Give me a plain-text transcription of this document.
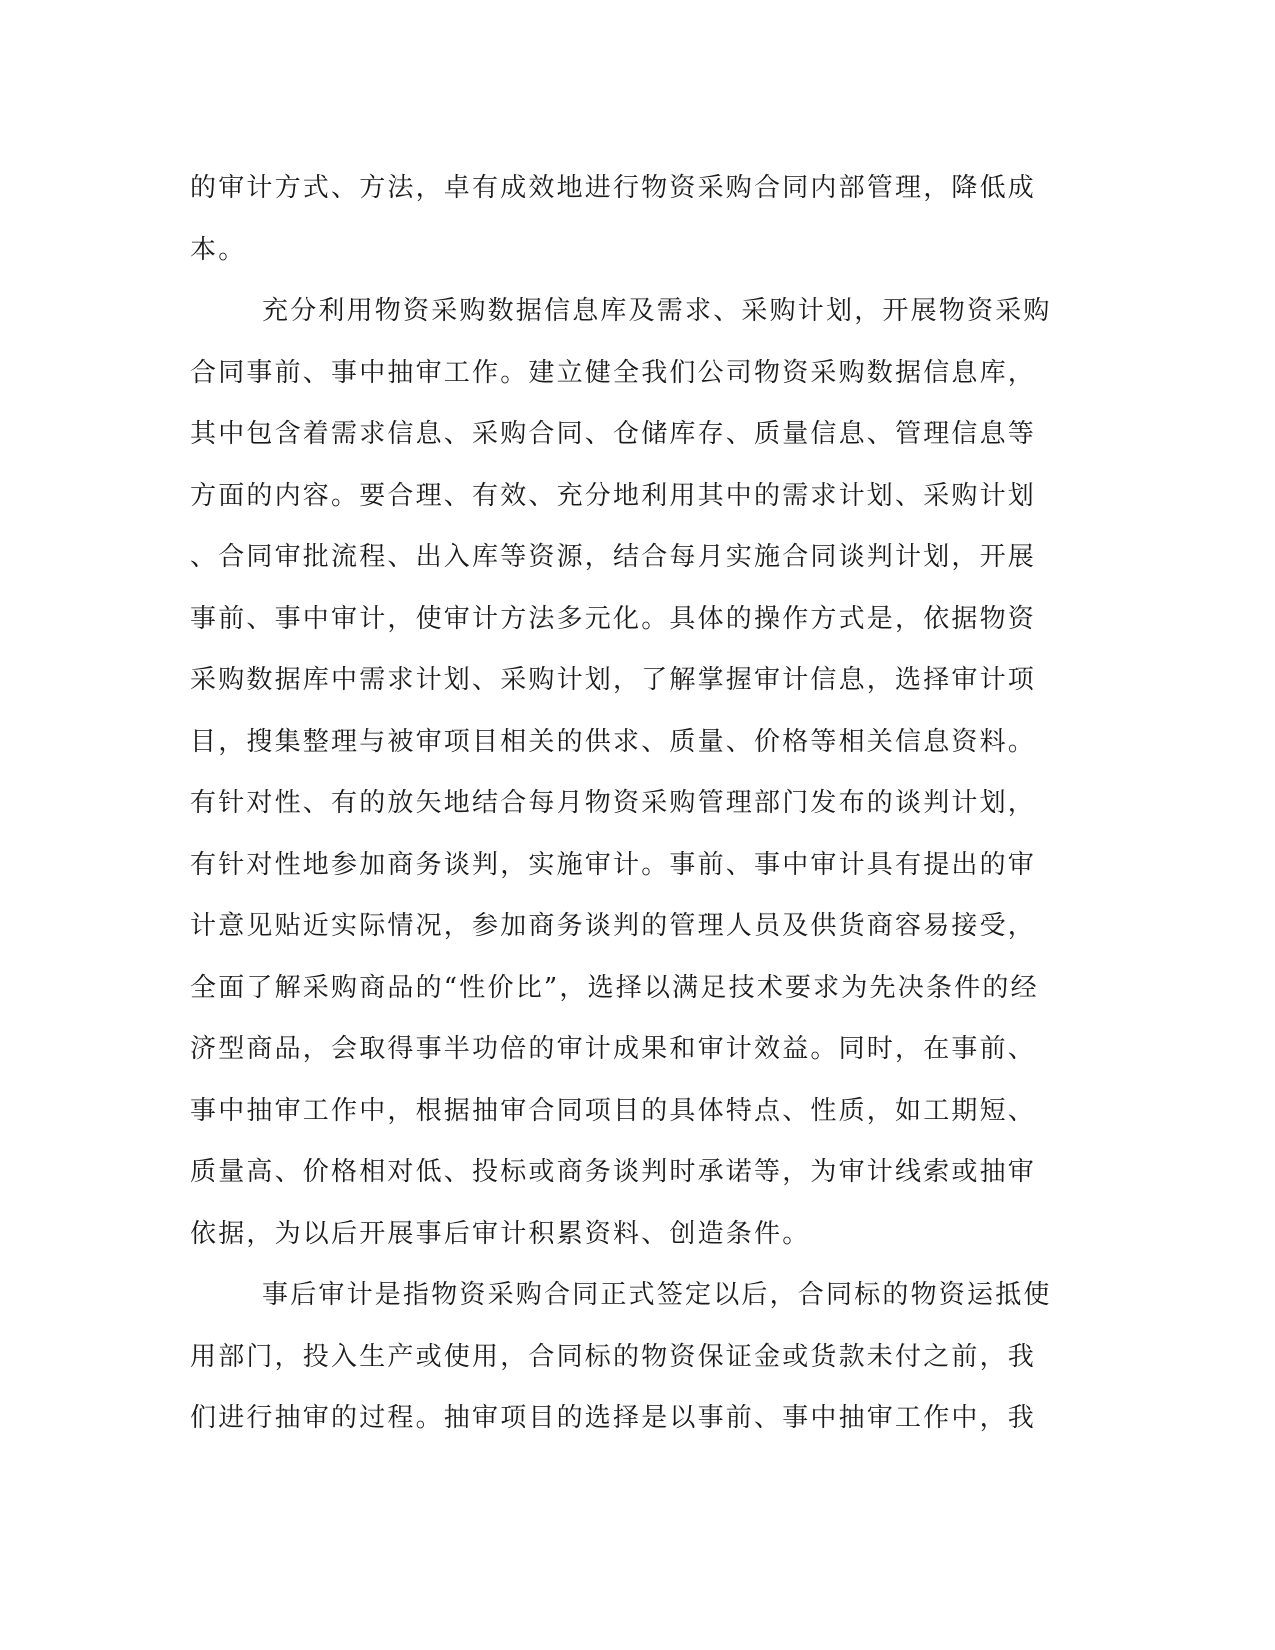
的审计方式、方法，卓有成效地进行物资采购合同内部管理，降低成
本。
充分利用物资采购数据信息库及需求、采购计划，开展物资采购
合同事前、事中抽审工作。建立健全我们公司物资采购数据信息库，
其中包含着需求信息、采购合同、仓储库存、质量信息、管理信息等
方面的内容。要合理、有效、充分地利用其中的需求计划、采购计划
、合同审批流程、出入库等资源，结合每月实施合同谈判计划，开展
事前、事中审计，使审计方法多元化。具体的操作方式是，依据物资
采购数据库中需求计划、采购计划，了解掌握审计信息，选择审计项
目，搜集整理与被审项目相关的供求、质量、价格等相关信息资料。
有针对性、有的放矢地结合每月物资采购管理部门发布的谈判计划，
有针对性地参加商务谈判，实施审计。事前、事中审计具有提出的审
计意见贴近实际情况，参加商务谈判的管理人员及供货商容易接受，
全面了解采购商品的“性价比”，选择以满足技术要求为先决条件的经
济型商品，会取得事半功倍的审计成果和审计效益。同时，在事前、
事中抽审工作中，根据抽审合同项目的具体特点、性质，如工期短、
质量高、价格相对低、投标或商务谈判时承诺等，为审计线索或抽审
依据，为以后开展事后审计积累资料、创造条件。
事后审计是指物资采购合同正式签定以后，合同标的物资运抵使
用部门，投入生产或使用，合同标的物资保证金或货款未付之前，我
们进行抽审的过程。抽审项目的选择是以事前、事中抽审工作中，我
